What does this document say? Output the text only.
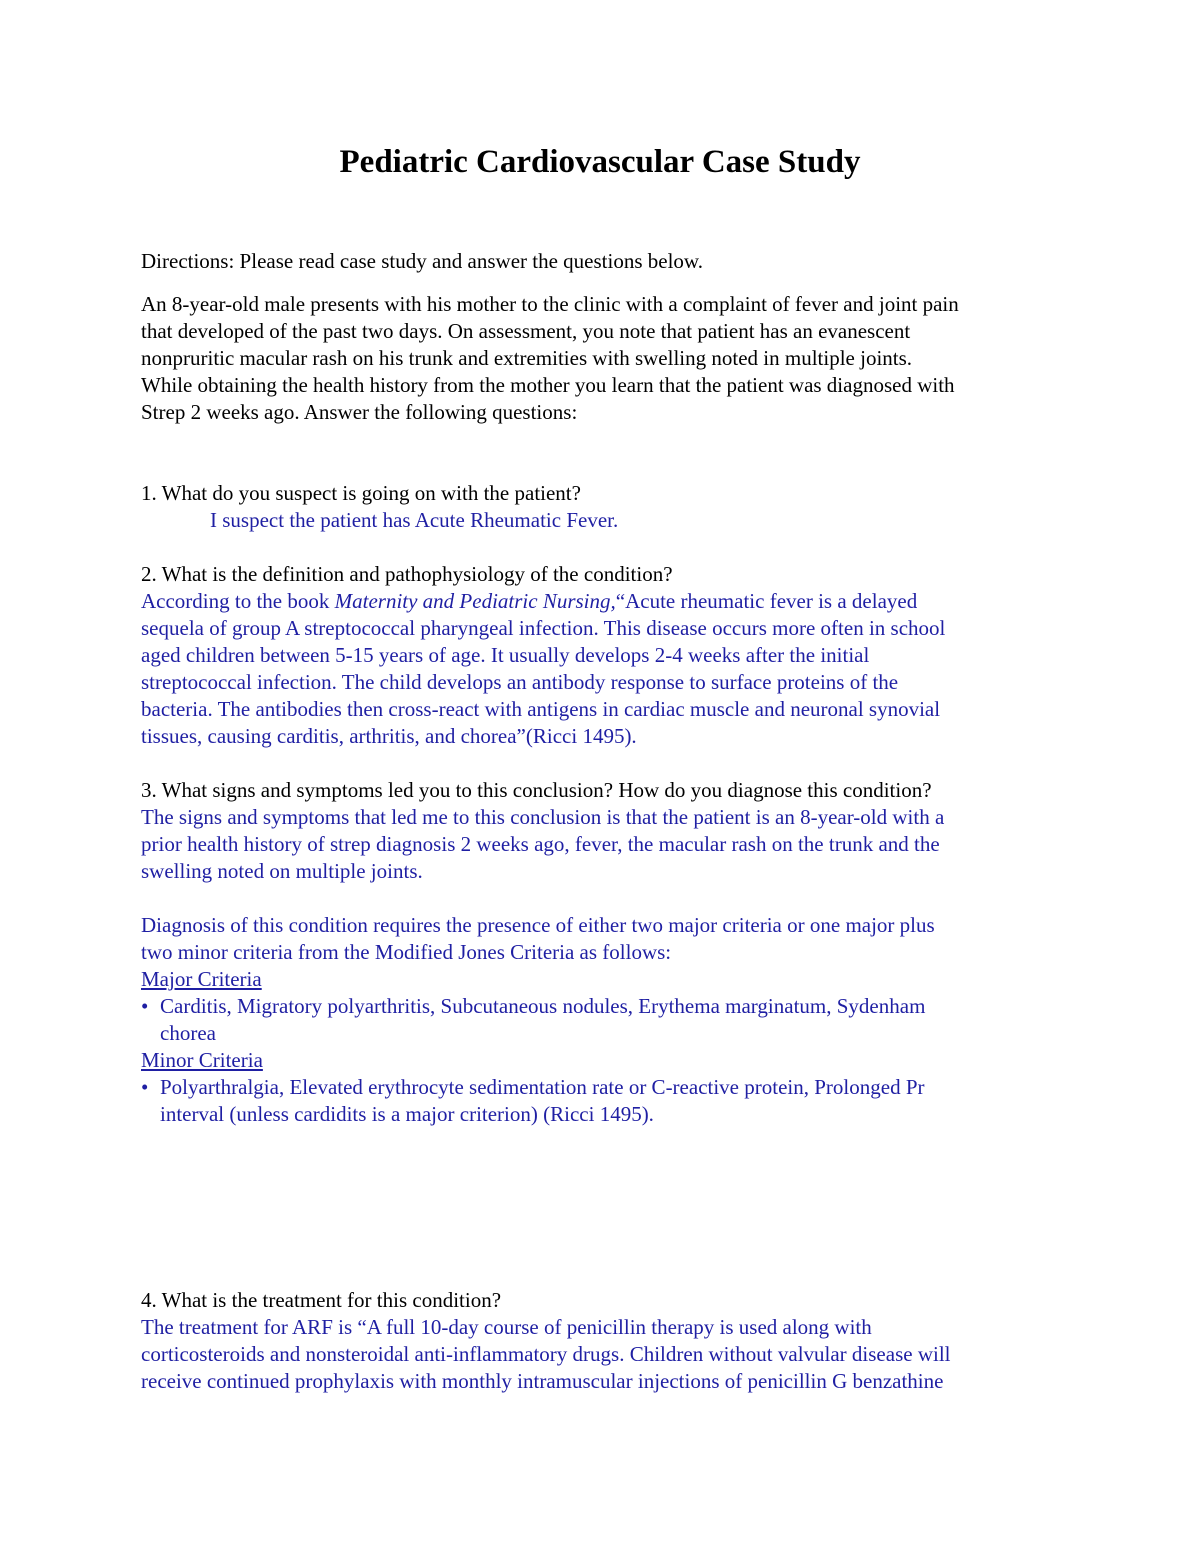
Pediatric Cardiovascular Case Study

Directions: Please read case study and answer the questions below.

An 8-year-old male presents with his mother to the clinic with a complaint of fever and joint pain
that developed of the past two days. On assessment, you note that patient has an evanescent
nonpruritic macular rash on his trunk and extremities with swelling noted in multiple joints.
While obtaining the health history from the mother you learn that the patient was diagnosed with
Strep 2 weeks ago. Answer the following questions:
1. What do you suspect is going on with the patient?
I suspect the patient has Acute Rheumatic Fever.
2. What is the definition and pathophysiology of the condition?
According to the book Maternity and Pediatric Nursing,“Acute rheumatic fever is a delayed
sequela of group A streptococcal pharyngeal infection. This disease occurs more often in school
aged children between 5-15 years of age. It usually develops 2-4 weeks after the initial
streptococcal infection. The child develops an antibody response to surface proteins of the
bacteria. The antibodies then cross-react with antigens in cardiac muscle and neuronal synovial
tissues, causing carditis, arthritis, and chorea”(Ricci 1495).
3. What signs and symptoms led you to this conclusion? How do you diagnose this condition?
The signs and symptoms that led me to this conclusion is that the patient is an 8-year-old with a
prior health history of strep diagnosis 2 weeks ago, fever, the macular rash on the trunk and the
swelling noted on multiple joints.
Diagnosis of this condition requires the presence of either two major criteria or one major plus
two minor criteria from the Modified Jones Criteria as follows:
Major Criteria
• Carditis, Migratory polyarthritis, Subcutaneous nodules, Erythema marginatum, Sydenham
chorea
Minor Criteria
• Polyarthralgia, Elevated erythrocyte sedimentation rate or C-reactive protein, Prolonged Pr
interval (unless cardidits is a major criterion) (Ricci 1495).
4. What is the treatment for this condition?
The treatment for ARF is “A full 10-day course of penicillin therapy is used along with
corticosteroids and nonsteroidal anti-inflammatory drugs. Children without valvular disease will
receive continued prophylaxis with monthly intramuscular injections of penicillin G benzathine
